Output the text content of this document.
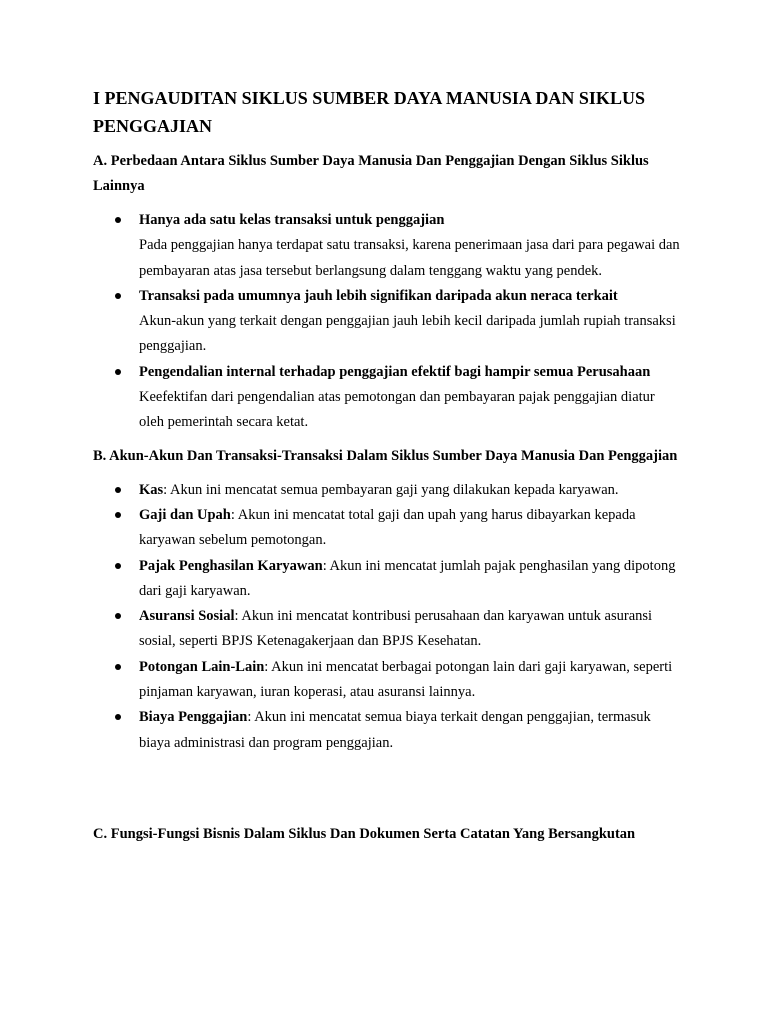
I PENGAUDITAN SIKLUS SUMBER DAYA MANUSIA DAN SIKLUS PENGGAJIAN
A. Perbedaan Antara Siklus Sumber Daya Manusia Dan Penggajian Dengan Siklus Siklus Lainnya
Hanya ada satu kelas transaksi untuk penggajian
Pada penggajian hanya terdapat satu transaksi, karena penerimaan jasa dari para pegawai dan pembayaran atas jasa tersebut berlangsung dalam tenggang waktu yang pendek.
Transaksi pada umumnya jauh lebih signifikan daripada akun neraca terkait
Akun-akun yang terkait dengan penggajian jauh lebih kecil daripada jumlah rupiah transaksi penggajian.
Pengendalian internal terhadap penggajian efektif bagi hampir semua Perusahaan
Keefektifan dari pengendalian atas pemotongan dan pembayaran pajak penggajian diatur oleh pemerintah secara ketat.
B. Akun-Akun Dan Transaksi-Transaksi Dalam Siklus Sumber Daya Manusia Dan Penggajian
Kas: Akun ini mencatat semua pembayaran gaji yang dilakukan kepada karyawan.
Gaji dan Upah: Akun ini mencatat total gaji dan upah yang harus dibayarkan kepada karyawan sebelum pemotongan.
Pajak Penghasilan Karyawan: Akun ini mencatat jumlah pajak penghasilan yang dipotong dari gaji karyawan.
Asuransi Sosial: Akun ini mencatat kontribusi perusahaan dan karyawan untuk asuransi sosial, seperti BPJS Ketenagakerjaan dan BPJS Kesehatan.
Potongan Lain-Lain: Akun ini mencatat berbagai potongan lain dari gaji karyawan, seperti pinjaman karyawan, iuran koperasi, atau asuransi lainnya.
Biaya Penggajian: Akun ini mencatat semua biaya terkait dengan penggajian, termasuk biaya administrasi dan program penggajian.
C. Fungsi-Fungsi Bisnis Dalam Siklus Dan Dokumen Serta Catatan Yang Bersangkutan
